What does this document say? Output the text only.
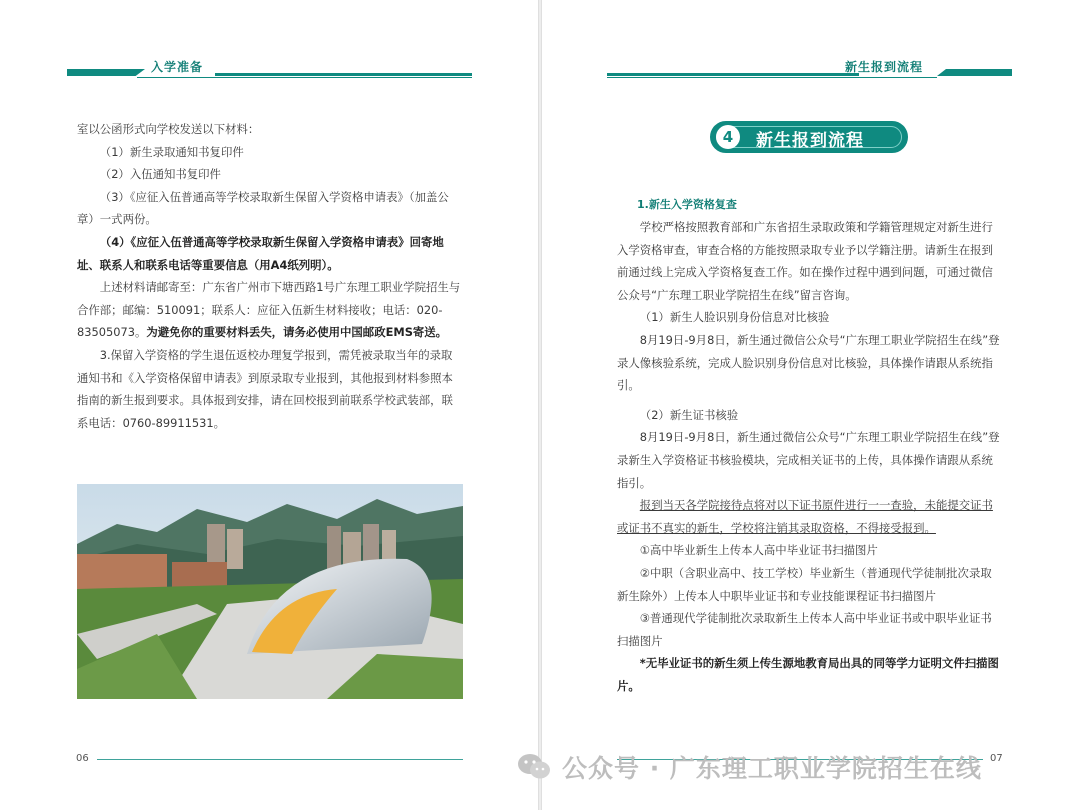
入学准备

室以公函形式向学校发送以下材料：

（1）新生录取通知书复印件

（2）入伍通知书复印件

（3）《应征入伍普通高等学校录取新生保留入学资格申请表》（加盖公章）一式两份。

（4）《应征入伍普通高等学校录取新生保留入学资格申请表》回寄地址、联系人和联系电话等重要信息（用A4纸列明）。

上述材料请邮寄至：广东省广州市下塘西路1号广东理工职业学院招生与合作部；邮编：510091；联系人：应征入伍新生材料接收；电话：020-83505073。为避免你的重要材料丢失，请务必使用中国邮政EMS寄送。

3.保留入学资格的学生退伍返校办理复学报到，需凭被录取当年的录取通知书和《入学资格保留申请表》到原录取专业报到，其他报到材料参照本指南的新生报到要求。具体报到安排，请在回校报到前联系学校武装部，联系电话：0760-89911531。

06
新生报到流程
4	新生报到流程
1.新生入学资格复查

学校严格按照教育部和广东省招生录取政策和学籍管理规定对新生进行入学资格审查，审查合格的方能按照录取专业予以学籍注册。请新生在报到前通过线上完成入学资格复查工作。如在操作过程中遇到问题，可通过微信公众号“广东理工职业学院招生在线”留言咨询。

（1）新生人脸识别身份信息对比核验

8月19日-9月8日，新生通过微信公众号“广东理工职业学院招生在线”登录人像核验系统，完成人脸识别身份信息对比核验，具体操作请跟从系统指引。

（2）新生证书核验

8月19日-9月8日，新生通过微信公众号“广东理工职业学院招生在线”登录新生入学资格证书核验模块，完成相关证书的上传，具体操作请跟从系统指引。

报到当天各学院接待点将对以下证书原件进行一一查验，未能提交证书或证书不真实的新生，学校将注销其录取资格，不得接受报到。

①高中毕业新生上传本人高中毕业证书扫描图片

②中职（含职业高中、技工学校）毕业新生（普通现代学徒制批次录取新生除外）上传本人中职毕业证书和专业技能课程证书扫描图片

③普通现代学徒制批次录取新生上传本人高中毕业证书或中职毕业证书扫描图片

*无毕业证书的新生须上传生源地教育局出具的同等学力证明文件扫描图片。

07
公众号 · 广东理工职业学院招生在线
